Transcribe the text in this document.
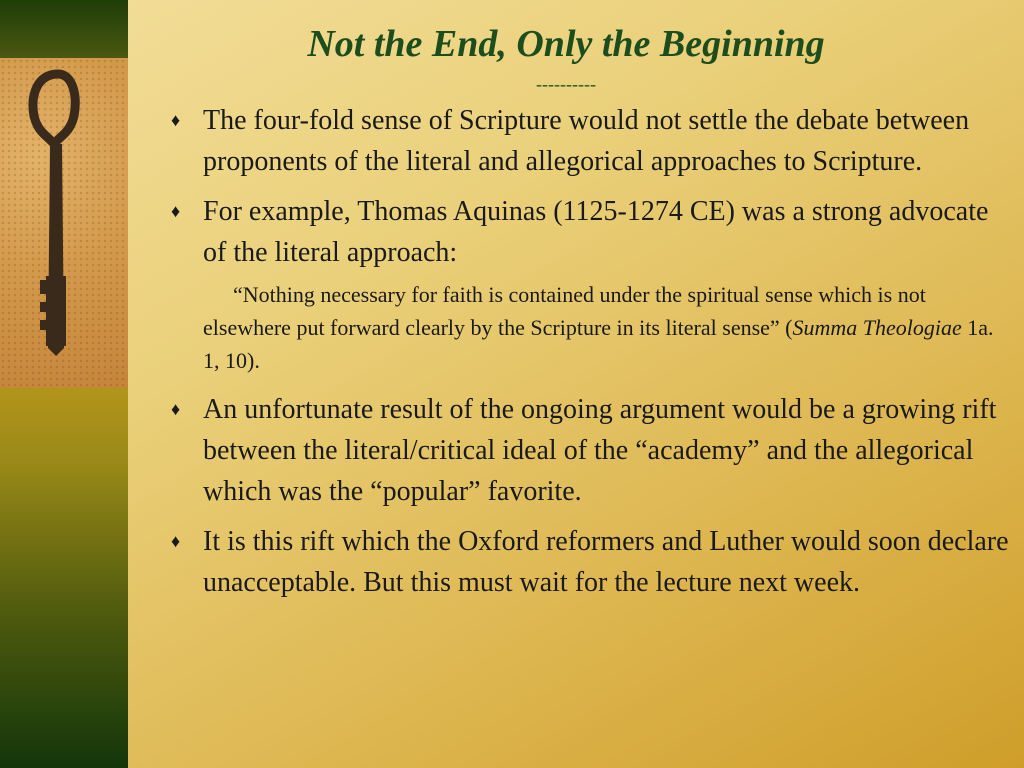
Not the End, Only the Beginning
----------
♦ The four-fold sense of Scripture would not settle the debate between proponents of the literal and allegorical approaches to Scripture.
♦ For example, Thomas Aquinas (1125-1274 CE) was a strong advocate of the literal approach:
“Nothing necessary for faith is contained under the spiritual sense which is not elsewhere put forward clearly by the Scripture in its literal sense” (Summa Theologiae 1a. 1, 10).
♦ An unfortunate result of the ongoing argument would be a growing rift between the literal/critical ideal of the “academy” and the allegorical which was the “popular” favorite.
♦ It is this rift which the Oxford reformers and Luther would soon declare unacceptable. But this must wait for the lecture next week.
